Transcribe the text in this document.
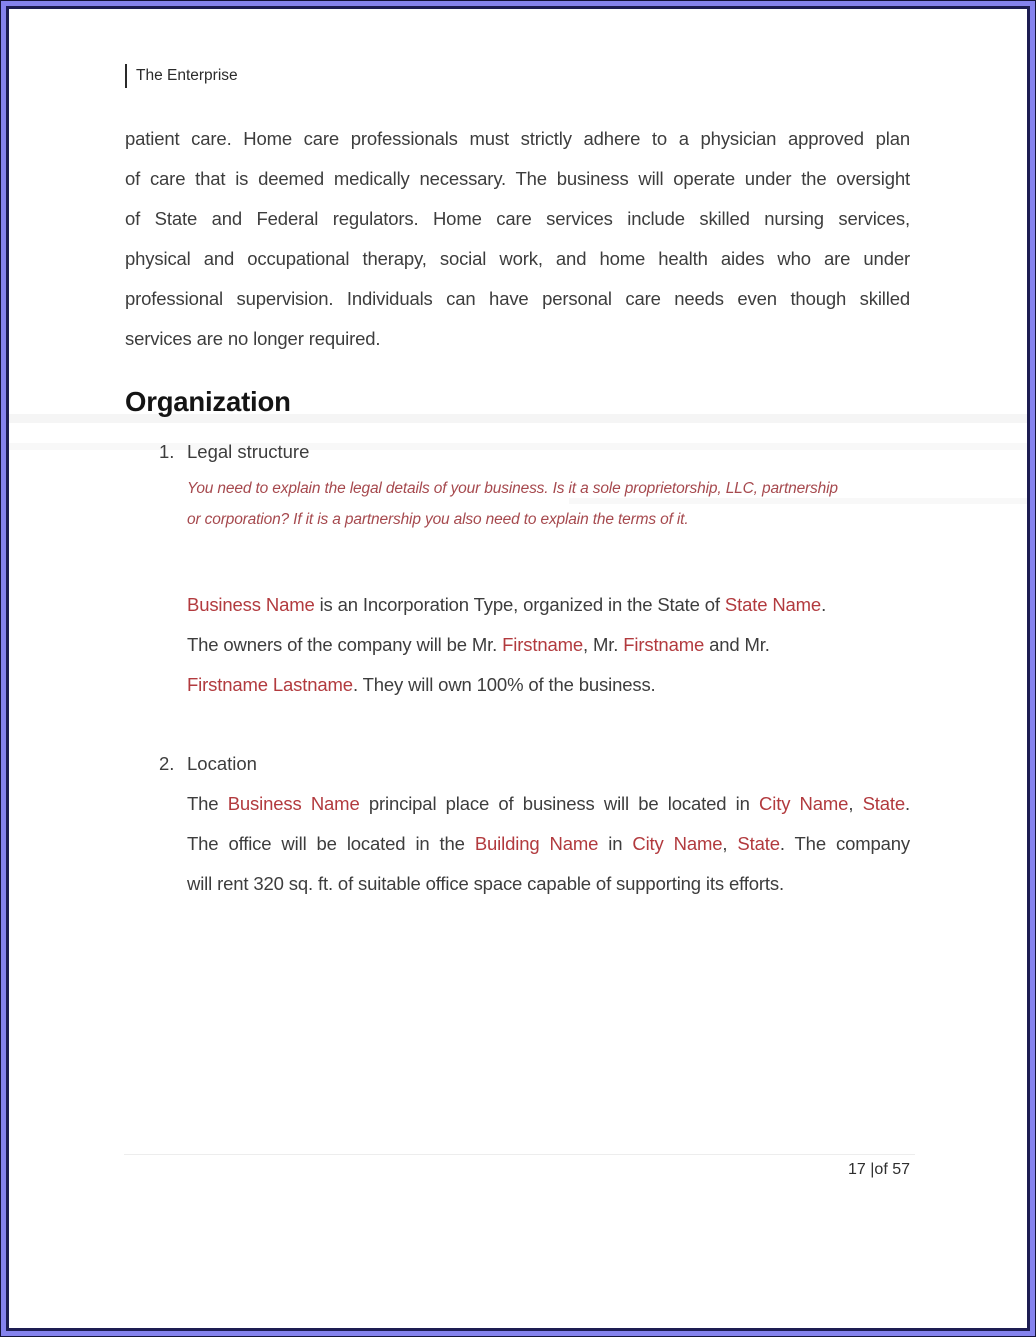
The Enterprise
patient care. Home care professionals must strictly adhere to a physician approved plan
of care that is deemed medically necessary. The business will operate under the oversight
of State and Federal regulators. Home care services include skilled nursing services,
physical and occupational therapy, social work, and home health aides who are under
professional supervision. Individuals can have personal care needs even though skilled
services are no longer required.
Organization
1. Legal structure
You need to explain the legal details of your business. Is it a sole proprietorship, LLC, partnership
or corporation? If it is a partnership you also need to explain the terms of it.
Business Name is an Incorporation Type, organized in the State of State Name.
The owners of the company will be Mr. Firstname, Mr. Firstname and Mr.
Firstname Lastname. They will own 100% of the business.
2. Location
The Business Name principal place of business will be located in City Name, State.
The office will be located in the Building Name in City Name, State. The company
will rent 320 sq. ft. of suitable office space capable of supporting its efforts.
17 |of 57
